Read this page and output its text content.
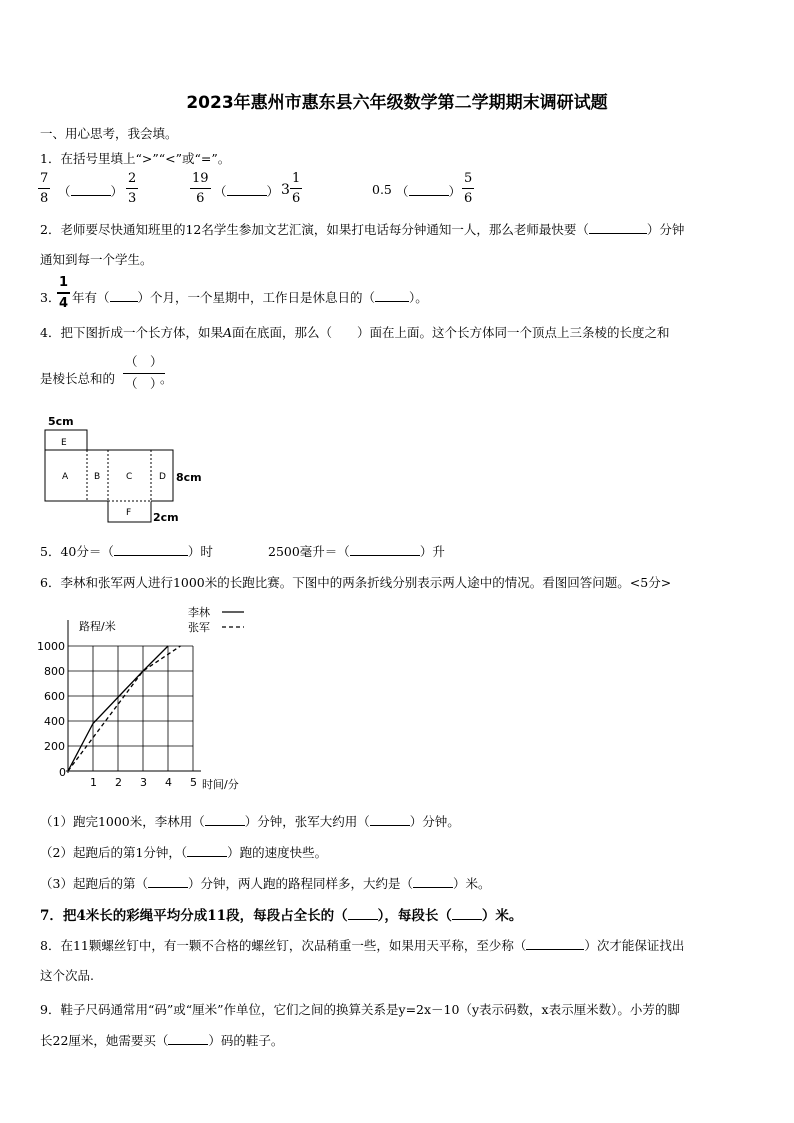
2023年惠州市惠东县六年级数学第二学期期末调研试题
一、用心思考，我会填。
1．在括号里填上“>”“<”或“=”。
7
8 （	）
2
3
19
6 （	） 3
1
6
0.5 （	）
5
6
2．老师要尽快通知班里的12名学生参加文艺汇演，如果打电话每分钟通知一人，那么老师最快要（	）分钟
通知到每一个学生。
3．
1
4 年有（ ）个月，一个星期中，工作日是休息日的（	）。
4．把下图折成一个长方体，如果A面在底面，那么（　　）面在上面。这个长方体同一个顶点上三条棱的长度之和
是棱长总和的
（　）
（　）
。
5cm
E
A	B	C	D 8cm
F 2cm
5．40分＝（	）时	2500毫升＝（	）升
6．李林和张军两人进行1000米的长跑比赛。下图中的两条折线分别表示两人途中的情况。看图回答问题。<5分>
路程/米
时间/分
李林
张军
1 2 3 4 5
200
400
600
800
1000
0
（1）跑完1000米，李林用（	）分钟，张军大约用（	）分钟。
（2）起跑后的第1分钟，（	）跑的速度快些。
（3）起跑后的第（	）分钟，两人跑的路程同样多，大约是（	）米。
7．把4米长的彩绳平均分成11段，每段占全长的（ ），每段长（ ）米。
8．在11颗螺丝钉中，有一颗不合格的螺丝钉，次品稍重一些，如果用天平称，至少称（	）次才能保证找出
这个次品.
9．鞋子尺码通常用“码”或“厘米”作单位，它们之间的换算关系是y=2x－10（y表示码数，x表示厘米数）。小芳的脚
长22厘米，她需要买（	）码的鞋子。
